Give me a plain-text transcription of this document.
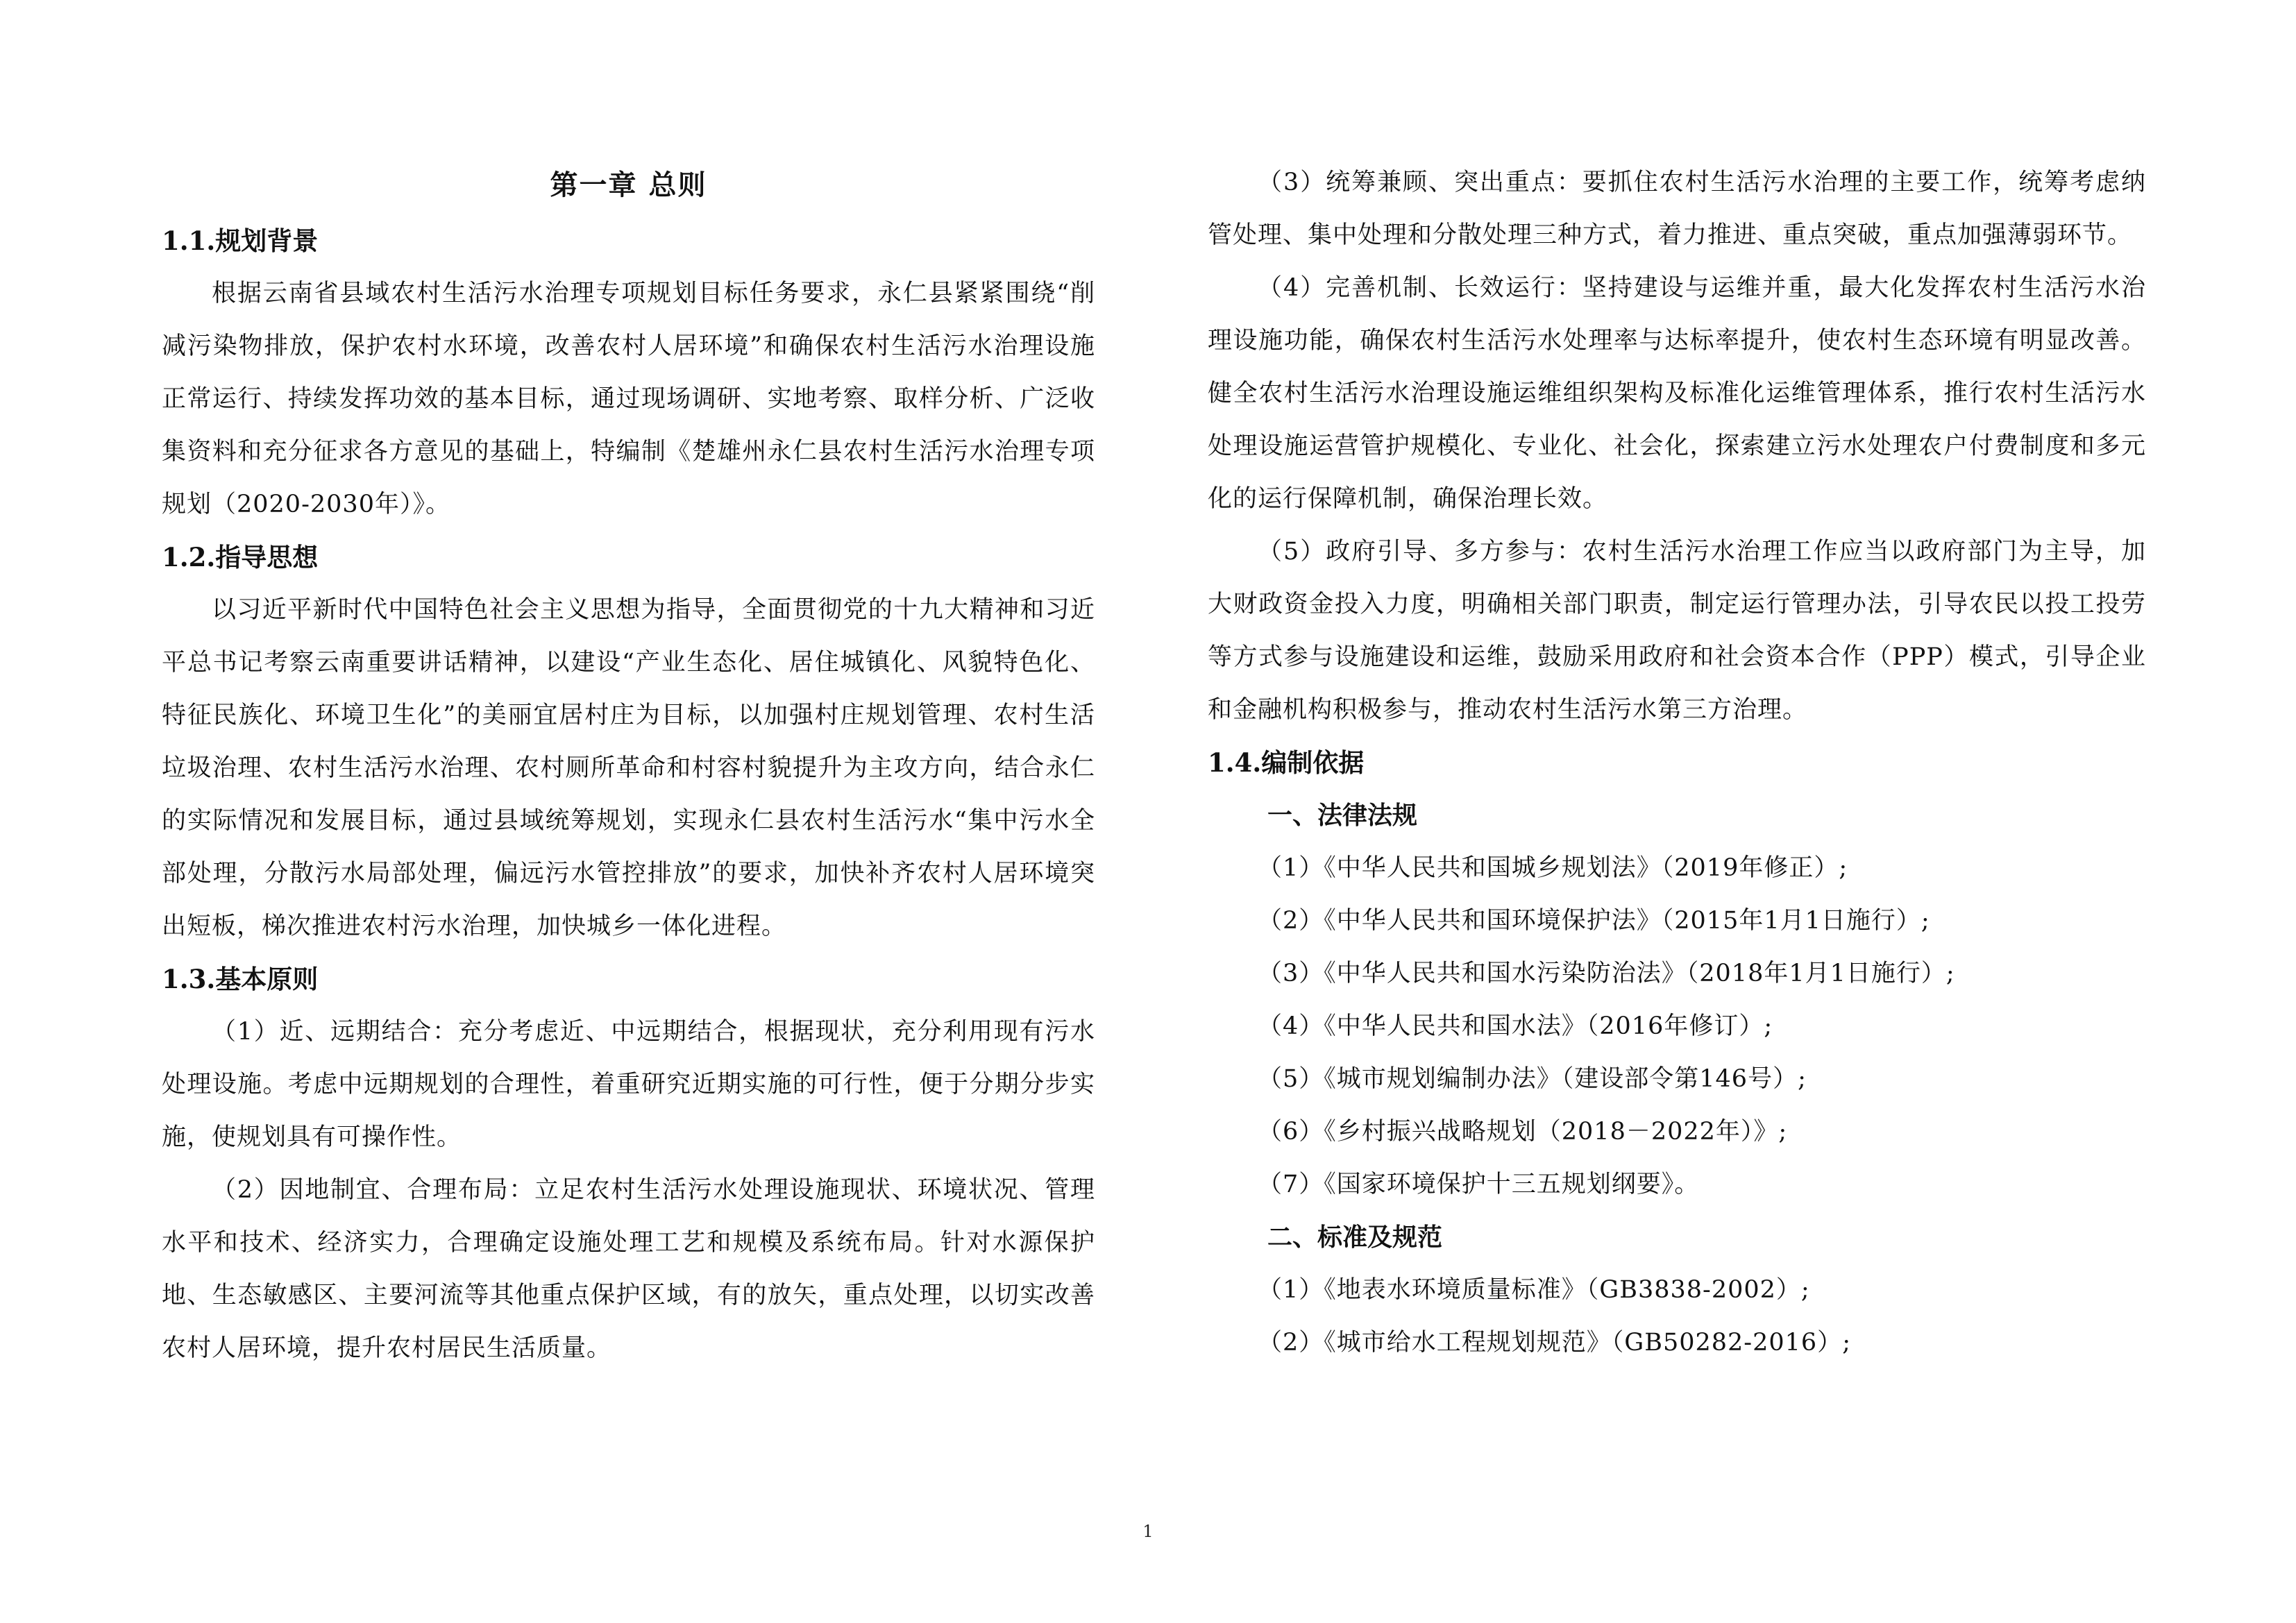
第一章 总则
1.1.规划背景

根据云南省县域农村生活污水治理专项规划目标任务要求，永仁县紧紧围绕“削减污染物排放，保护农村水环境，改善农村人居环境”和确保农村生活污水治理设施正常运行、持续发挥功效的基本目标，通过现场调研、实地考察、取样分析、广泛收集资料和充分征求各方意见的基础上，特编制《楚雄州永仁县农村生活污水治理专项规划（2020-2030年）》。

1.2.指导思想

以习近平新时代中国特色社会主义思想为指导，全面贯彻党的十九大精神和习近平总书记考察云南重要讲话精神，以建设“产业生态化、居住城镇化、风貌特色化、特征民族化、环境卫生化”的美丽宜居村庄为目标，以加强村庄规划管理、农村生活垃圾治理、农村生活污水治理、农村厕所革命和村容村貌提升为主攻方向，结合永仁的实际情况和发展目标，通过县域统筹规划，实现永仁县农村生活污水“集中污水全部处理，分散污水局部处理，偏远污水管控排放”的要求，加快补齐农村人居环境突出短板，梯次推进农村污水治理，加快城乡一体化进程。

1.3.基本原则

（1）近、远期结合：充分考虑近、中远期结合，根据现状，充分利用现有污水处理设施。考虑中远期规划的合理性，着重研究近期实施的可行性，便于分期分步实施，使规划具有可操作性。

（2）因地制宜、合理布局：立足农村生活污水处理设施现状、环境状况、管理水平和技术、经济实力，合理确定设施处理工艺和规模及系统布局。针对水源保护地、生态敏感区、主要河流等其他重点保护区域，有的放矢，重点处理，以切实改善农村人居环境，提升农村居民生活质量。

（3）统筹兼顾、突出重点：要抓住农村生活污水治理的主要工作，统筹考虑纳管处理、集中处理和分散处理三种方式，着力推进、重点突破，重点加强薄弱环节。

（4）完善机制、长效运行：坚持建设与运维并重，最大化发挥农村生活污水治理设施功能，确保农村生活污水处理率与达标率提升，使农村生态环境有明显改善。健全农村生活污水治理设施运维组织架构及标准化运维管理体系，推行农村生活污水处理设施运营管护规模化、专业化、社会化，探索建立污水处理农户付费制度和多元化的运行保障机制，确保治理长效。

（5）政府引导、多方参与：农村生活污水治理工作应当以政府部门为主导，加大财政资金投入力度，明确相关部门职责，制定运行管理办法，引导农民以投工投劳等方式参与设施建设和运维，鼓励采用政府和社会资本合作（PPP）模式，引导企业和金融机构积极参与，推动农村生活污水第三方治理。

1.4.编制依据
一、法律法规

（1）《中华人民共和国城乡规划法》（2019年修正）;

（2）《中华人民共和国环境保护法》（2015年1月1日施行）;

（3）《中华人民共和国水污染防治法》（2018年1月1日施行）;

（4）《中华人民共和国水法》（2016年修订）;

（5）《城市规划编制办法》（建设部令第146号）;

（6）《乡村振兴战略规划（2018－2022年）》;

（7）《国家环境保护十三五规划纲要》。

二、标准及规范

（1）《地表水环境质量标准》（GB3838-2002）;

（2）《城市给水工程规划规范》（GB50282-2016）;

1
